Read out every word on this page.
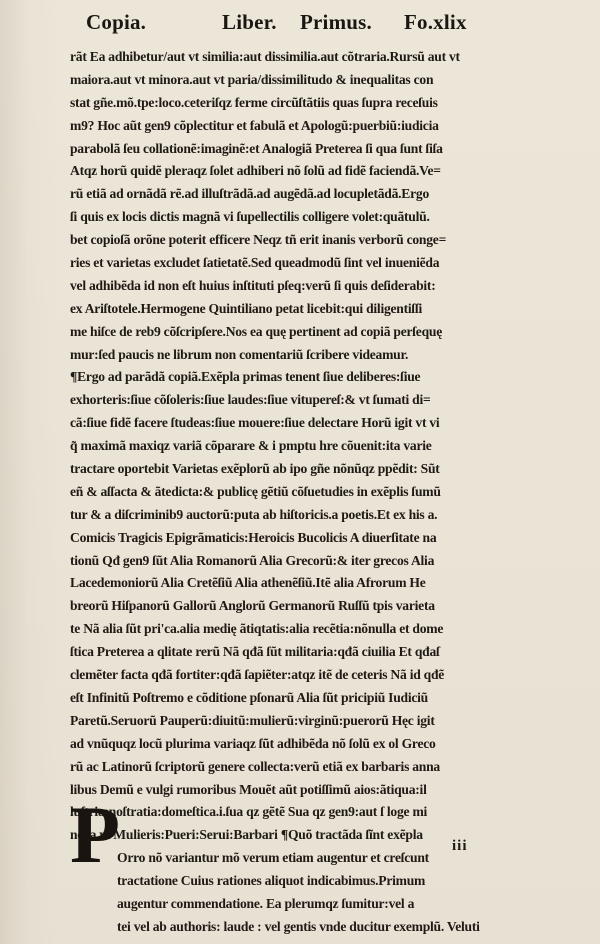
Copia.	Liber. Primus. Fo.xlix
rãt Ea adhibetur/aut vt similia:aut dissimilia.aut cõtraria.Rursũ aut vt
maiora.aut vt minora.aut vt paria/dissimilitudo & inequalitas con
stat gñe.mõ.tpe:loco.ceteriſqz ferme circũſtãtiis quas ſupra receſuis
m9? Hoc aũt gen9 cõplectitur et fabulã et Apologũ:puerbiũ:iudicia
parabolã ſeu collationẽ:imaginẽ:et Analogiã Preterea ſi qua ſunt ſiſa
Atqz horũ quidẽ pleraqz ſolet adhiberi nõ ſolũ ad fidẽ faciendã.Ve=
rũ etiã ad ornãdã rẽ.ad illuſtrãdã.ad augẽdã.ad locupletãdã.Ergo
ſi quis ex locis dictis magnã vi ſupellectilis colligere volet:quãtulũ.
bet copioſã orõne poterit efficere Neqz tñ erit inanis verborũ conge=
ries et varietas excludet ſatietatẽ.Sed queadmodũ ſint vel inueniẽda
vel adhibẽda id non eſt huius inſtituti pſeq:verũ ſi quis deſiderabit:
ex Ariſtotele.Hermogene Quintiliano petat licebit:qui diligentiſſi
me hiſce de reb9 cõſcripſere.Nos ea quę pertinent ad copiã perſequę
mur:ſed paucis ne librum non comentariũ ſcribere videamur.
¶Ergo ad parãdã copiã.Exẽpla primas tenent ſiue deliberes:ſiue
exhorteris:ſiue cõſoleris:ſiue laudes:ſiue vitupereſ:& vt ſumati di=
cã:ſiue fidẽ facere ſtudeas:ſiue mouere:ſiue delectare Horũ igit vt vi
q̃ maximã maxiqz variã cõparare & i pmptu hre cõuenit:ita varie
tractare oportebit Varietas exẽplorũ ab ipo gñe nõnũqz ppẽdit: Sũt
eñ & aſſacta & ãtedicta:& publicę gẽtiũ cõſuetudies in exẽplis ſumũ
tur & a diſcriminib9 auctorũ:puta ab hiſtoricis.a poetis.Et ex his a.
Comicis Tragicis Epigrãmaticis:Heroicis Bucolicis A diuerſitate na
tionũ Qđ gen9 ſũt Alia Romanorũ Alia Grecorũ:& iter grecos Alia
Lacedemoniorũ Alia Cretẽſiũ Alia athenẽſiũ.Itẽ alia Afrorum He
breorũ Hiſpanorũ Gallorũ Anglorũ Germanorũ Ruſſũ tpis varieta
te Nã alia ſũt pri'ca.alia medię ãtiqtatis:alia recẽtia:nõnulla et dome
ſtica Preterea a qlitate rerũ Nã qđã ſũt militaria:qđã ciuilia Et qđaſ
clemẽter facta qđã fortiter:qđã ſapiẽter:atqz itẽ de ceteris Nã id qđẽ
eſt Infinitũ Poſtremo e cõditione pſonarũ Alia ſũt pricipiũ Iudiciũ
Paretũ.Seruorũ Pauperũ:diuitũ:mulierũ:virginũ:puerorũ Hęc igit
ad vnũquqz locũ plurima variaqz ſũt adhibẽda nõ ſolũ ex ol Greco
rũ ac Latinorũ ſcriptorũ genere collecta:verũ etiã ex barbaris anna
libus Demũ e vulgi rumoribus Mouẽt aũt potiſſimũ aios:ãtiqua:il
luſtria:noſtratia:domeſtica.i.ſua qz gẽtẽ Sua qz gen9:aut ſ loge mi
nora vt Mulieris:Pueri:Serui:Barbari ¶Quõ tractãda ſĩnt exẽpla
Orro nõ variantur mõ verum etiam augentur et creſcunt
tractatione Cuius rationes aliquot indicabimus.Primum
augentur commendatione. Ea plerumqz ſumitur:vel a
tei vel ab authoris: laude : vel gentis vnde ducitur exemplũ. Veluti
P	iii
